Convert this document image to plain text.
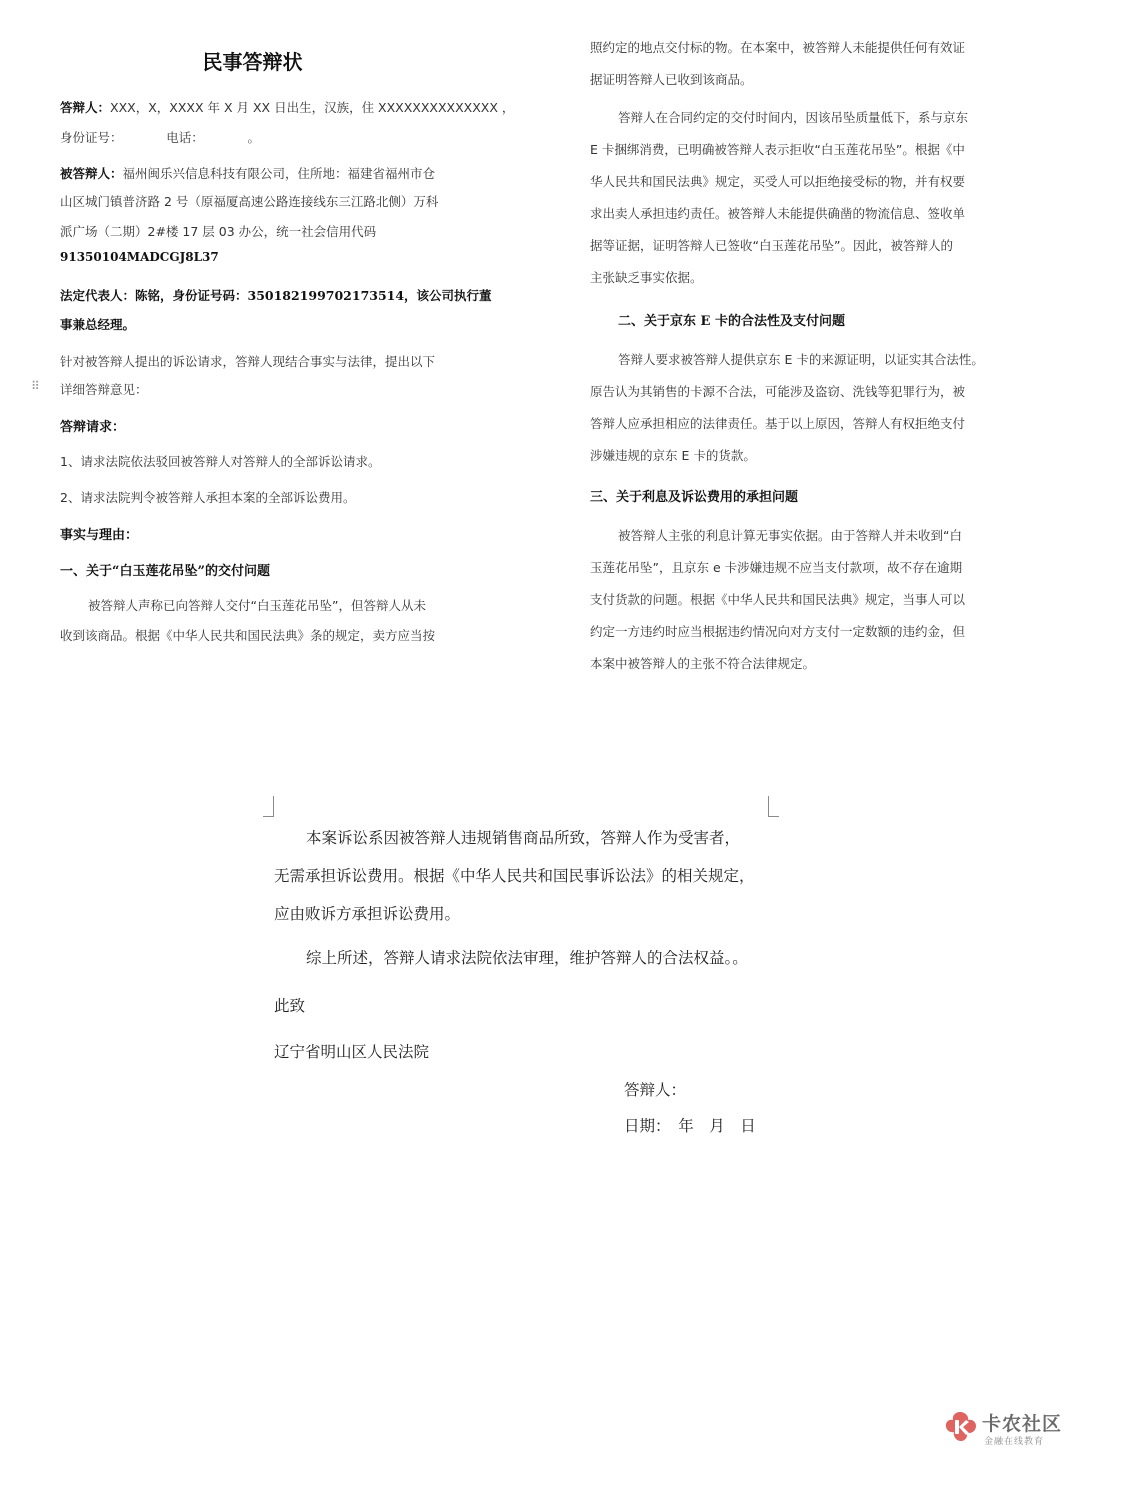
民事答辩状
⠿

答辩人：XXX，X，XXXX 年 X 月 XX 日出生，汉族，住 XXXXXXXXXXXXXX ，

身份证号：　　　　电话：　　　　。

被答辩人：福州闽乐兴信息科技有限公司，住所地：福建省福州市仓

山区城门镇普济路 2 号（原福厦高速公路连接线东三江路北侧）万科

派广场（二期）2#楼 17 层 03 办公，统一社会信用代码

91350104MADCGJ8L37

法定代表人：陈铭，身份证号码：350182199702173514，该公司执行董

事兼总经理。

针对被答辩人提出的诉讼请求，答辩人现结合事实与法律，提出以下

详细答辩意见：

答辩请求：

1、请求法院依法驳回被答辩人对答辩人的全部诉讼请求。

2、请求法院判令被答辩人承担本案的全部诉讼费用。

事实与理由：

一、关于“白玉莲花吊坠”的交付问题

被答辩人声称已向答辩人交付“白玉莲花吊坠”，但答辩人从未

收到该商品。根据《中华人民共和国民法典》条的规定，卖方应当按

照约定的地点交付标的物。在本案中，被答辩人未能提供任何有效证

据证明答辩人已收到该商品。

答辩人在合同约定的交付时间内，因该吊坠质量低下，系与京东

E 卡捆绑消费，已明确被答辩人表示拒收“白玉莲花吊坠”。根据《中

华人民共和国民法典》规定，买受人可以拒绝接受标的物，并有权要

求出卖人承担违约责任。被答辩人未能提供确凿的物流信息、签收单

据等证据，证明答辩人已签收“白玉莲花吊坠”。因此，被答辩人的

主张缺乏事实依据。

二、关于京东 E 卡的合法性及支付问题

答辩人要求被答辩人提供京东 E 卡的来源证明，以证实其合法性。

原告认为其销售的卡源不合法，可能涉及盗窃、洗钱等犯罪行为，被

答辩人应承担相应的法律责任。基于以上原因，答辩人有权拒绝支付

涉嫌违规的京东 E 卡的货款。

三、关于利息及诉讼费用的承担问题

被答辩人主张的利息计算无事实依据。由于答辩人并未收到“白

玉莲花吊坠”，且京东 e 卡涉嫌违规不应当支付款项，故不存在逾期

支付货款的问题。根据《中华人民共和国民法典》规定，当事人可以

约定一方违约时应当根据违约情况向对方支付一定数额的违约金，但

本案中被答辩人的主张不符合法律规定。

本案诉讼系因被答辩人违规销售商品所致，答辩人作为受害者，
无需承担诉讼费用。根据《中华人民共和国民事诉讼法》的相关规定，
应由败诉方承担诉讼费用。
综上所述，答辩人请求法院依法审理，维护答辩人的合法权益。。
此致
辽宁省明山区人民法院
答辩人：
日期：　年　月　日
卡农社区
金融在线教育
